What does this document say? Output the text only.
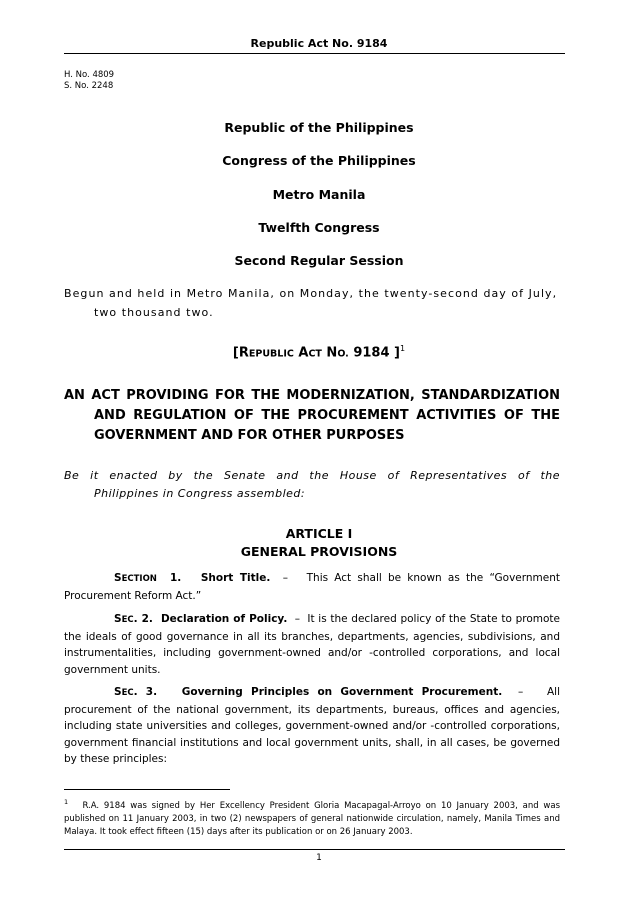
Republic Act No. 9184
H. No. 4809
S. No. 2248
Republic of the Philippines
Congress of the Philippines
Metro Manila
Twelfth Congress
Second Regular Session
Begun and held in Metro Manila, on Monday, the twenty-second day of July,
two thousand two.
[REPUBLIC ACT NO. 9184 ]$^1$
AN ACT PROVIDING FOR THE MODERNIZATION, STANDARDIZATION
AND REGULATION OF THE PROCUREMENT ACTIVITIES OF THE
GOVERNMENT AND FOR OTHER PURPOSES
Be it enacted by the Senate and the House of Representatives of the
Philippines in Congress assembled:
ARTICLE I
GENERAL PROVISIONS
SECTION 1. Short Title. – This Act shall be known as the “Government Procurement Reform Act.”
SEC. 2. Declaration of Policy. – It is the declared policy of the State to promote the ideals of good governance in all its branches, departments, agencies, subdivisions, and instrumentalities, including government-owned and/or -controlled corporations, and local government units.
SEC. 3. Governing Principles on Government Procurement. – All procurement of the national government, its departments, bureaus, offices and agencies, including state universities and colleges, government-owned and/or -controlled corporations, government financial institutions and local government units, shall, in all cases, be governed by these principles:
$^1$ R.A. 9184 was signed by Her Excellency President Gloria Macapagal-Arroyo on 10 January 2003, and was published on 11 January 2003, in two (2) newspapers of general nationwide circulation, namely, Manila Times and Malaya. It took effect fifteen (15) days after its publication or on 26 January 2003.
1
